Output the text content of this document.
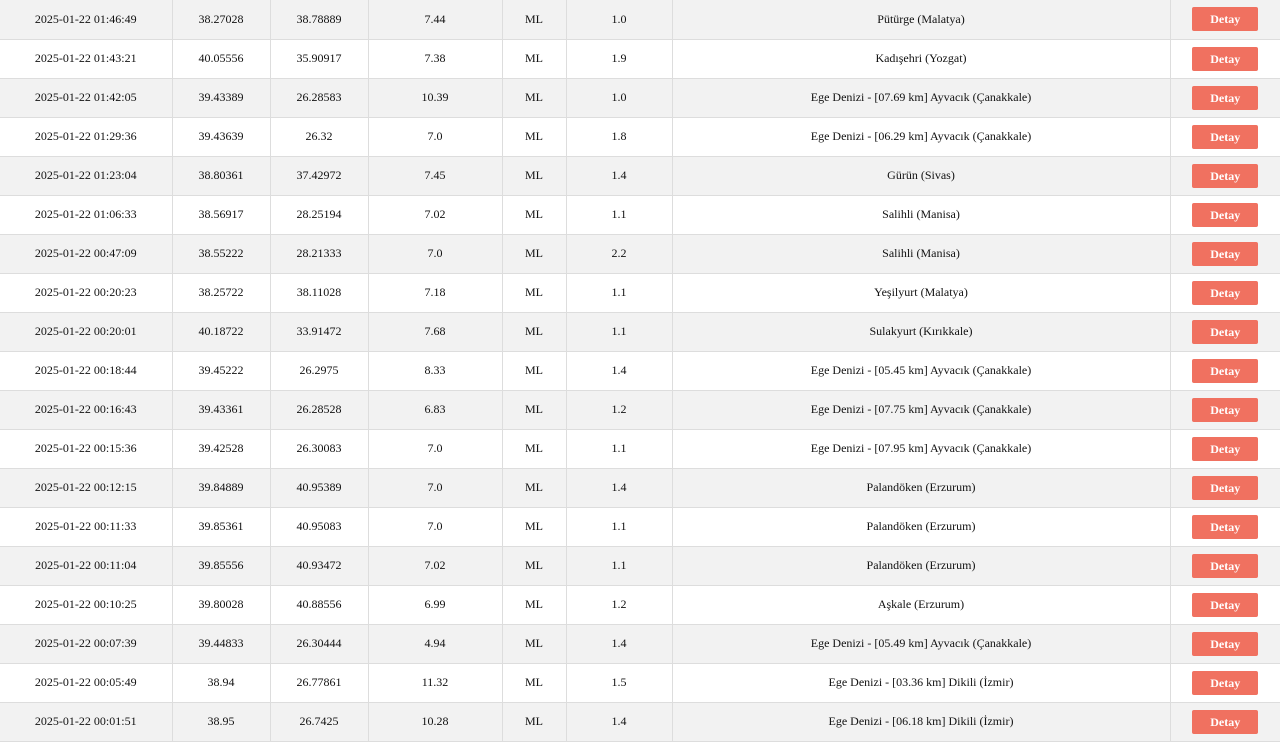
2025-01-22 01:46:49	38.27028	38.78889	7.44	ML	1.0	Pütürge (Malatya)	Detay
2025-01-22 01:43:21	40.05556	35.90917	7.38	ML	1.9	Kadışehri (Yozgat)	Detay
2025-01-22 01:42:05	39.43389	26.28583	10.39	ML	1.0	Ege Denizi - [07.69 km] Ayvacık (Çanakkale)	Detay
2025-01-22 01:29:36	39.43639	26.32	7.0	ML	1.8	Ege Denizi - [06.29 km] Ayvacık (Çanakkale)	Detay
2025-01-22 01:23:04	38.80361	37.42972	7.45	ML	1.4	Gürün (Sivas)	Detay
2025-01-22 01:06:33	38.56917	28.25194	7.02	ML	1.1	Salihli (Manisa)	Detay
2025-01-22 00:47:09	38.55222	28.21333	7.0	ML	2.2	Salihli (Manisa)	Detay
2025-01-22 00:20:23	38.25722	38.11028	7.18	ML	1.1	Yeşilyurt (Malatya)	Detay
2025-01-22 00:20:01	40.18722	33.91472	7.68	ML	1.1	Sulakyurt (Kırıkkale)	Detay
2025-01-22 00:18:44	39.45222	26.2975	8.33	ML	1.4	Ege Denizi - [05.45 km] Ayvacık (Çanakkale)	Detay
2025-01-22 00:16:43	39.43361	26.28528	6.83	ML	1.2	Ege Denizi - [07.75 km] Ayvacık (Çanakkale)	Detay
2025-01-22 00:15:36	39.42528	26.30083	7.0	ML	1.1	Ege Denizi - [07.95 km] Ayvacık (Çanakkale)	Detay
2025-01-22 00:12:15	39.84889	40.95389	7.0	ML	1.4	Palandöken (Erzurum)	Detay
2025-01-22 00:11:33	39.85361	40.95083	7.0	ML	1.1	Palandöken (Erzurum)	Detay
2025-01-22 00:11:04	39.85556	40.93472	7.02	ML	1.1	Palandöken (Erzurum)	Detay
2025-01-22 00:10:25	39.80028	40.88556	6.99	ML	1.2	Aşkale (Erzurum)	Detay
2025-01-22 00:07:39	39.44833	26.30444	4.94	ML	1.4	Ege Denizi - [05.49 km] Ayvacık (Çanakkale)	Detay
2025-01-22 00:05:49	38.94	26.77861	11.32	ML	1.5	Ege Denizi - [03.36 km] Dikili (İzmir)	Detay
2025-01-22 00:01:51	38.95	26.7425	10.28	ML	1.4	Ege Denizi - [06.18 km] Dikili (İzmir)	Detay
